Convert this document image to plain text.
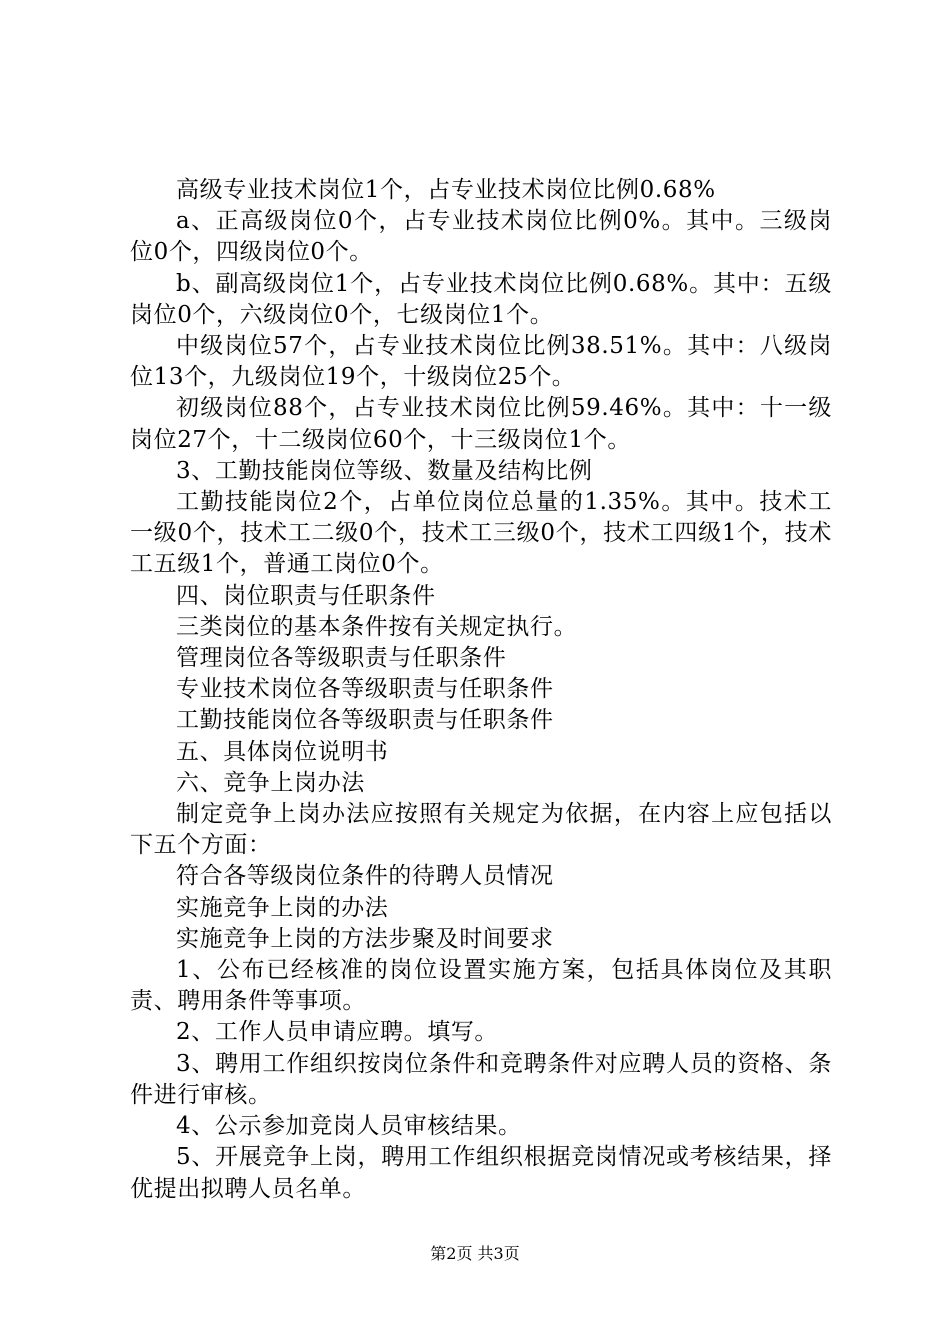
高级专业技术岗位1个，占专业技术岗位比例0.68%

a、正高级岗位0个，占专业技术岗位比例0%。其中。三级岗位0个，四级岗位0个。

b、副高级岗位1个，占专业技术岗位比例0.68%。其中：五级岗位0个，六级岗位0个，七级岗位1个。

中级岗位57个，占专业技术岗位比例38.51%。其中：八级岗位13个，九级岗位19个，十级岗位25个。

初级岗位88个，占专业技术岗位比例59.46%。其中：十一级岗位27个，十二级岗位60个，十三级岗位1个。

3、工勤技能岗位等级、数量及结构比例

工勤技能岗位2个，占单位岗位总量的1.35%。其中。技术工一级0个，技术工二级0个，技术工三级0个，技术工四级1个，技术工五级1个，普通工岗位0个。

四、岗位职责与任职条件

三类岗位的基本条件按有关规定执行。

管理岗位各等级职责与任职条件

专业技术岗位各等级职责与任职条件

工勤技能岗位各等级职责与任职条件

五、具体岗位说明书

六、竞争上岗办法

制定竞争上岗办法应按照有关规定为依据，在内容上应包括以下五个方面：

符合各等级岗位条件的待聘人员情况

实施竞争上岗的办法

实施竞争上岗的方法步聚及时间要求

1、公布已经核准的岗位设置实施方案，包括具体岗位及其职责、聘用条件等事项。

2、工作人员申请应聘。填写。

3、聘用工作组织按岗位条件和竞聘条件对应聘人员的资格、条件进行审核。

4、公示参加竞岗人员审核结果。

5、开展竞争上岗，聘用工作组织根据竞岗情况或考核结果，择优提出拟聘人员名单。

第2页 共3页
